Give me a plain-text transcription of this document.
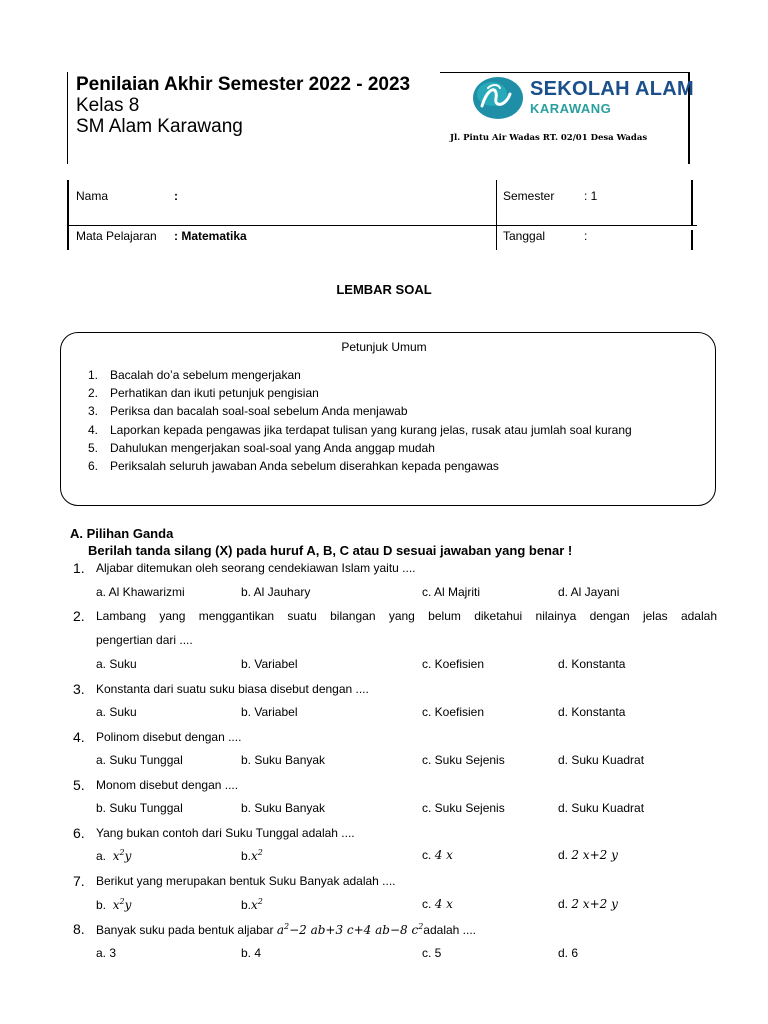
Penilaian Akhir Semester 2022 - 2023
Kelas 8
SM Alam Karawang
SEKOLAH ALAM
KARAWANG
Jl. Pintu Air Wadas RT. 02/01 Desa Wadas
Nama	:	Semester : 1
Mata Pelajaran : Matematika	Tanggal	:
LEMBAR SOAL
Petunjuk Umum
1. Bacalah do’a sebelum mengerjakan
2. Perhatikan dan ikuti petunjuk pengisian
3. Periksa dan bacalah soal-soal sebelum Anda menjawab
4. Laporkan kepada pengawas jika terdapat tulisan yang kurang jelas, rusak atau jumlah soal kurang
5. Dahulukan mengerjakan soal-soal yang Anda anggap mudah
6. Periksalah seluruh jawaban Anda sebelum diserahkan kepada pengawas
A. Pilihan Ganda
Berilah tanda silang (X) pada huruf A, B, C atau D sesuai jawaban yang benar !
1. Aljabar ditemukan oleh seorang cendekiawan Islam yaitu ....
a. Al Khawarizmi	b. Al Jauhary	c. Al Majriti	d. Al Jayani
2. Lambang yang menggantikan suatu bilangan yang belum diketahui nilainya dengan jelas adalah
pengertian dari ....
a. Suku	b. Variabel	c. Koefisien	d. Konstanta
3. Konstanta dari suatu suku biasa disebut dengan ....
a. Suku	b. Variabel	c. Koefisien	d. Konstanta
4. Polinom disebut dengan ....
a. Suku Tunggal	b. Suku Banyak	c. Suku Sejenis	d. Suku Kuadrat
5. Monom disebut dengan ....
b. Suku Tunggal	b. Suku Banyak	c. Suku Sejenis	d. Suku Kuadrat
6. Yang bukan contoh dari Suku Tunggal adalah ....
a. $x^2y$	$b.x^2$	c. 4 x	d. 2 x+2 y
7. Berikut yang merupakan bentuk Suku Banyak adalah ....
b. $x^2y$	$b.x^2$	c. 4 x	d. 2 x+2 y
8. Banyak suku pada bentuk aljabar $a^2-2$ ab+3 c+4 ab−8 $c^2adalah$ ....
a. 3	b. 4	c. 5	d. 6
